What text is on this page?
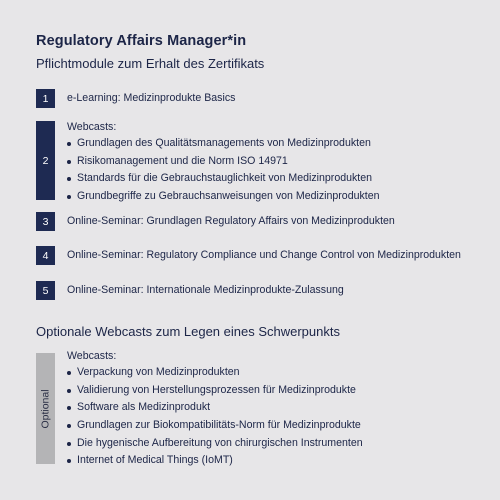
Regulatory Affairs Manager*in
Pflichtmodule zum Erhalt des Zertifikats
1	e-Learning: Medizinprodukte Basics
2
Webcasts:
Grundlagen des Qualitätsmanagements von Medizinprodukten
Risikomanagement und die Norm ISO 14971
Standards für die Gebrauchstauglichkeit von Medizinprodukten
Grundbegriffe zu Gebrauchsanweisungen von Medizinprodukten
3	Online-Seminar: Grundlagen Regulatory Affairs von Medizinprodukten
4	Online-Seminar: Regulatory Compliance und Change Control von Medizinprodukten
5	Online-Seminar: Internationale Medizinprodukte-Zulassung
Optionale Webcasts zum Legen eines Schwerpunkts
Optional
Webcasts:
Verpackung von Medizinprodukten
Validierung von Herstellungsprozessen für Medizinprodukte
Software als Medizinprodukt
Grundlagen zur Biokompatibilitäts-Norm für Medizinprodukte
Die hygenische Aufbereitung von chirurgischen Instrumenten
Internet of Medical Things (IoMT)
